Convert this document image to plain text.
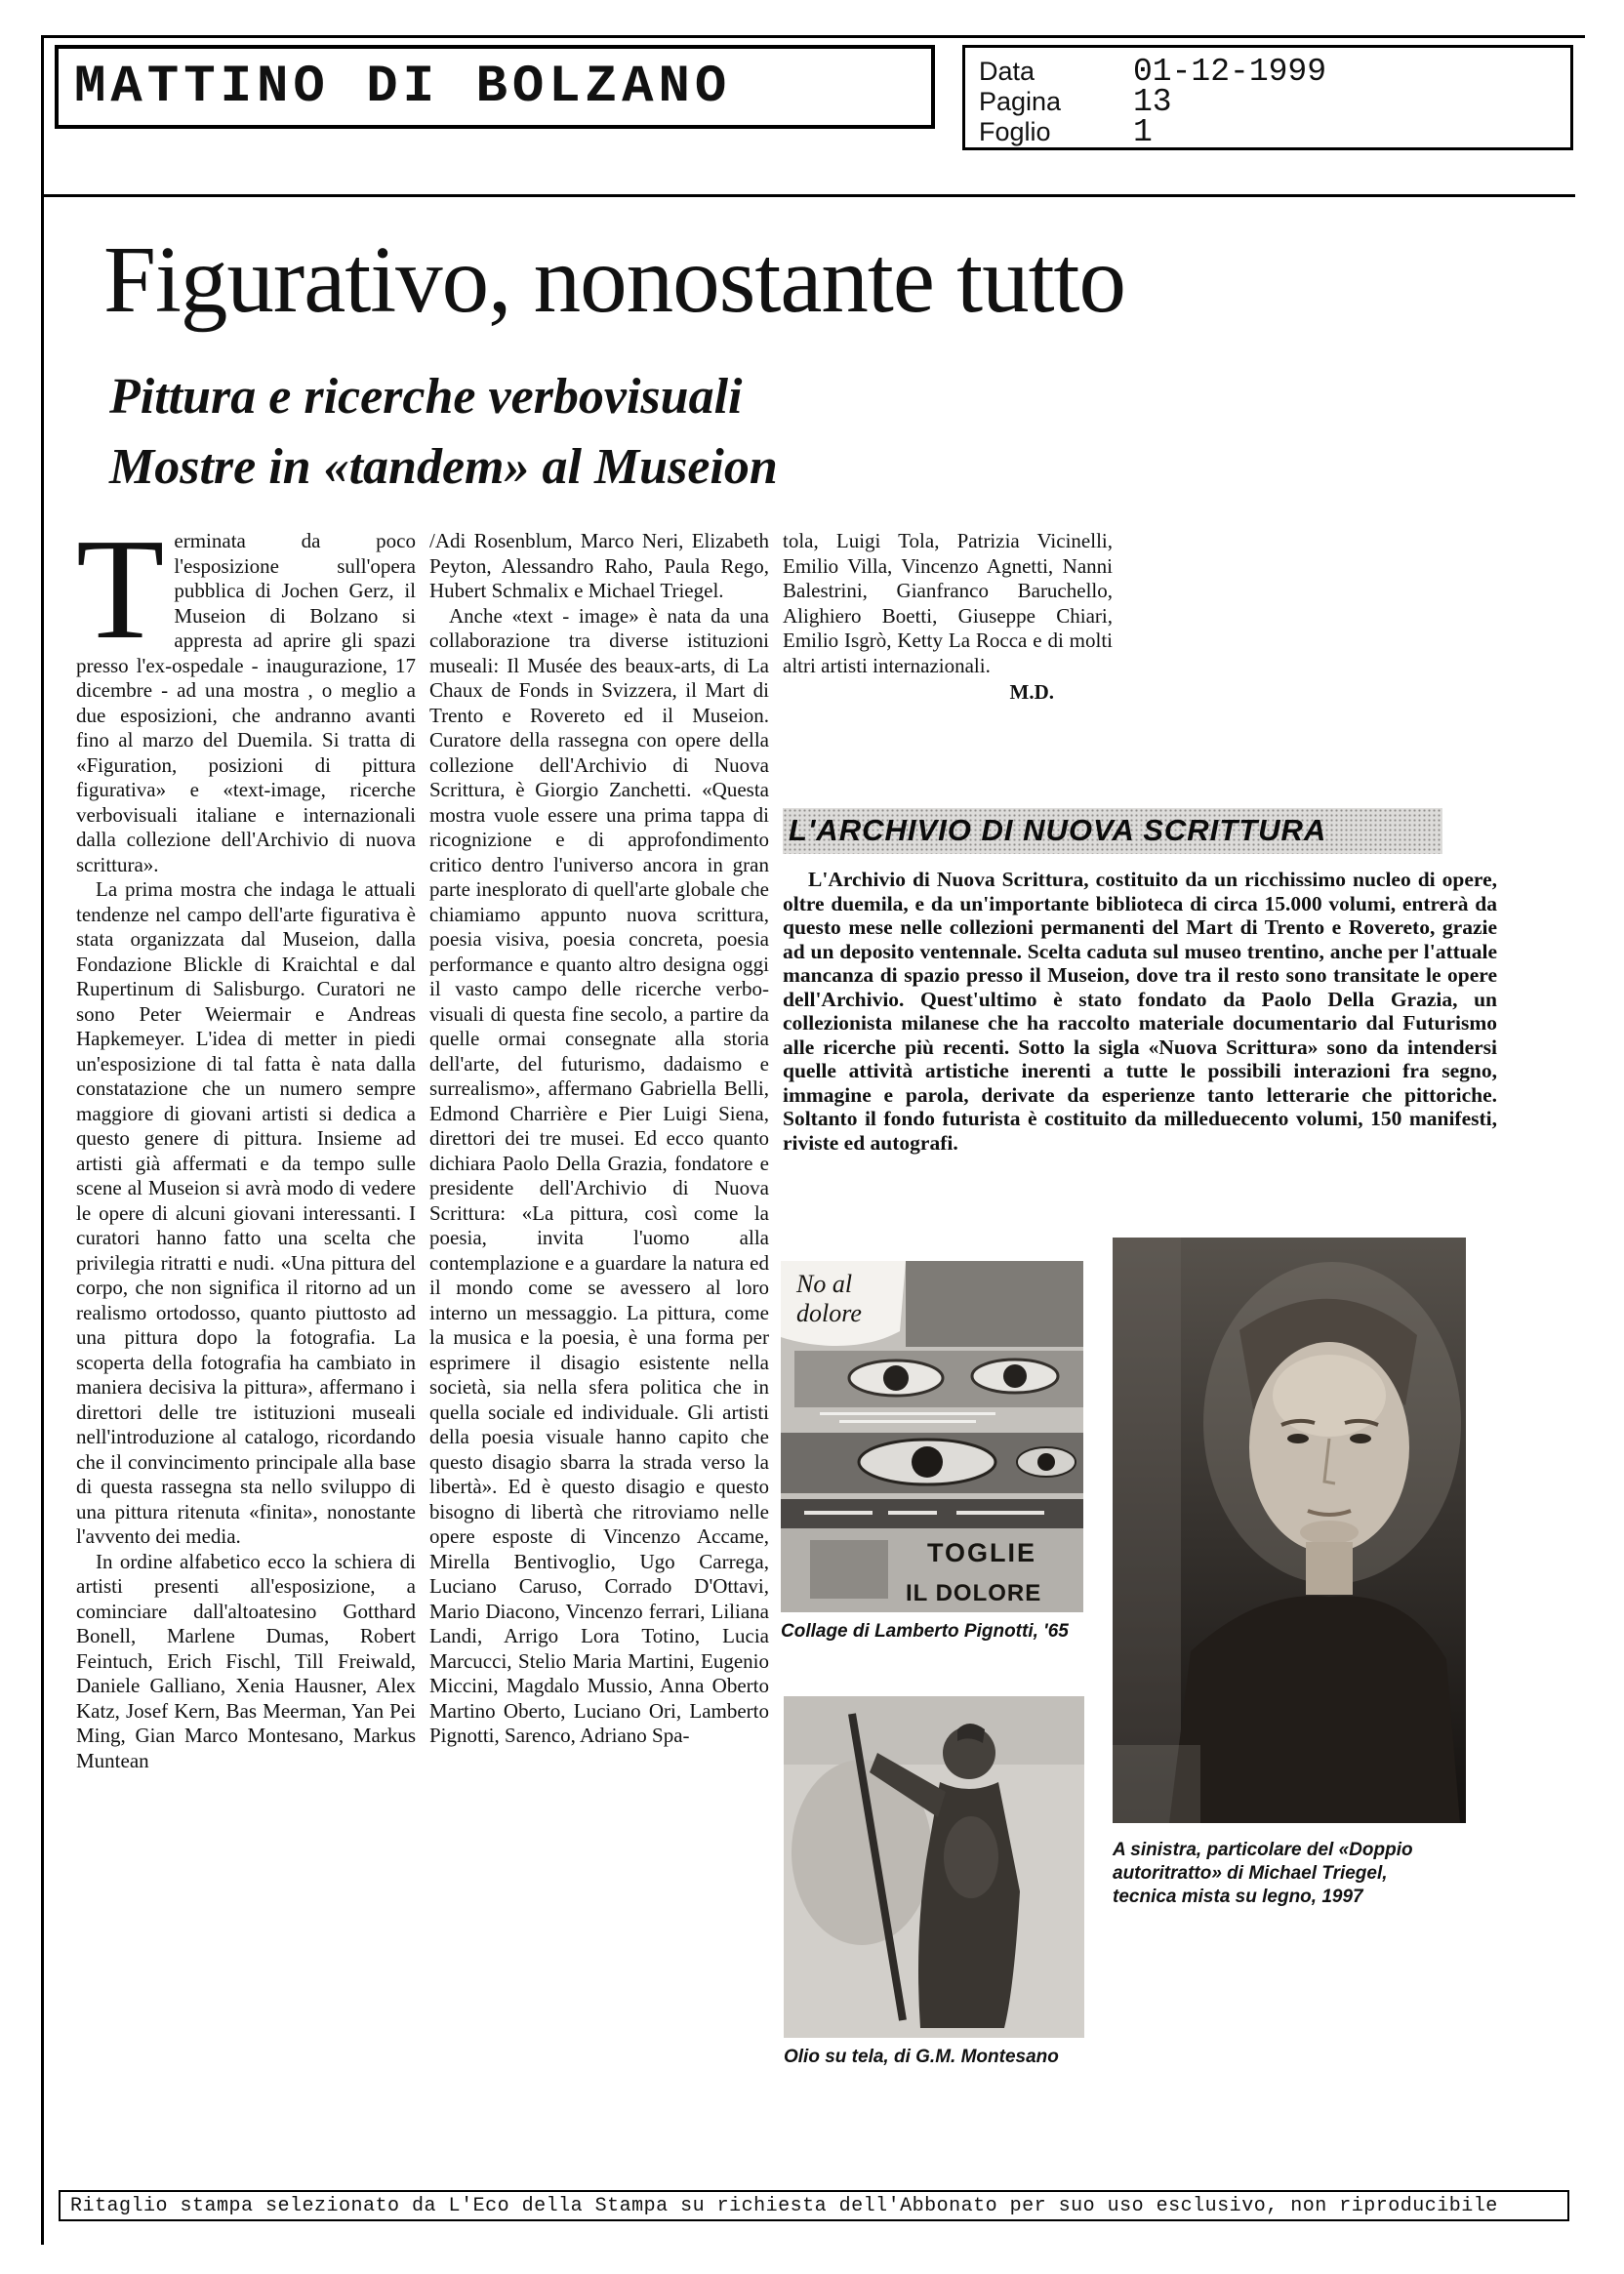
MATTINO DI BOLZANO	Data	01-12-1999
Pagina	13
Foglio	1
Figurativo, nonostante tutto
Pittura e ricerche verbovisuali
Mostre in «tandem» al Museion

Terminata da poco l'esposizione sull'opera pubblica di Jochen Gerz, il Museion di Bolzano si appresta ad aprire gli spazi presso l'ex-ospedale - inaugurazione, 17 dicembre - ad una mostra , o meglio a due esposizioni, che andranno avanti fino al marzo del Duemila. Si tratta di «Figuration, posizioni di pittura figurativa» e «text-image, ricerche verbovisuali italiane e internazionali dalla collezione dell'Archivio di nuova scrittura».

La prima mostra che indaga le attuali tendenze nel campo dell'arte figurativa è stata organizzata dal Museion, dalla Fondazione Blickle di Kraichtal e dal Rupertinum di Salisburgo. Curatori ne sono Peter Weiermair e Andreas Hapkemeyer. L'idea di metter in piedi un'esposizione di tal fatta è nata dalla constatazione che un numero sempre maggiore di giovani artisti si dedica a questo genere di pittura. Insieme ad artisti già affermati e da tempo sulle scene al Museion si avrà modo di vedere le opere di alcuni giovani interessanti. I curatori hanno fatto una scelta che privilegia ritratti e nudi. «Una pittura del corpo, che non significa il ritorno ad un realismo ortodosso, quanto piuttosto ad una pittura dopo la fotografia. La scoperta della fotografia ha cambiato in maniera decisiva la pittura», affermano i direttori delle tre istituzioni museali nell'introduzione al catalogo, ricordando che il convincimento principale alla base di questa rassegna sta nello sviluppo di una pittura ritenuta «finita», nonostante l'avvento dei media.

In ordine alfabetico ecco la schiera di artisti presenti all'esposizione, a cominciare dall'altoatesino Gotthard Bonell, Marlene Dumas, Robert Feintuch, Erich Fischl, Till Freiwald, Daniele Galliano, Xenia Hausner, Alex Katz, Josef Kern, Bas Meerman, Yan Pei Ming, Gian Marco Montesano, Markus Muntean

/Adi Rosenblum, Marco Neri, Elizabeth Peyton, Alessandro Raho, Paula Rego, Hubert Schmalix e Michael Triegel.

Anche «text - image» è nata da una collaborazione tra diverse istituzioni museali: Il Musée des beaux-arts, di La Chaux de Fonds in Svizzera, il Mart di Trento e Rovereto ed il Museion. Curatore della rassegna con opere della collezione dell'Archivio di Nuova Scrittura, è Giorgio Zanchetti. «Questa mostra vuole essere una prima tappa di ricognizione e di approfondimento critico dentro l'universo ancora in gran parte inesplorato di quell'arte globale che chiamiamo appunto nuova scrittura, poesia visiva, poesia concreta, poesia performance e quanto altro designa oggi il vasto campo delle ricerche verbo-visuali di questa fine secolo, a partire da quelle ormai consegnate alla storia dell'arte, del futurismo, dadaismo e surrealismo», affermano Gabriella Belli, Edmond Charrière e Pier Luigi Siena, direttori dei tre musei. Ed ecco quanto dichiara Paolo Della Grazia, fondatore e presidente dell'Archivio di Nuova Scrittura: «La pittura, così come la poesia, invita l'uomo alla contemplazione e a guardare la natura ed il mondo come se avessero al loro interno un messaggio. La pittura, come la musica e la poesia, è una forma per esprimere il disagio esistente nella società, sia nella sfera politica che in quella sociale ed individuale. Gli artisti della poesia visuale hanno capito che questo disagio sbarra la strada verso la libertà». Ed è questo disagio e questo bisogno di libertà che ritroviamo nelle opere esposte di Vincenzo Accame, Mirella Bentivoglio, Ugo Carrega, Luciano Caruso, Corrado D'Ottavi, Mario Diacono, Vincenzo ferrari, Liliana Landi, Arrigo Lora Totino, Lucia Marcucci, Stelio Maria Martini, Eugenio Miccini, Magdalo Mussio, Anna Oberto Martino Oberto, Luciano Ori, Lamberto Pignotti, Sarenco, Adriano Spa-

tola, Luigi Tola, Patrizia Vicinelli, Emilio Villa, Vincenzo Agnetti, Nanni Balestrini, Gianfranco Baruchello, Alighiero Boetti, Giuseppe Chiari, Emilio Isgrò, Ketty La Rocca e di molti altri artisti internazionali.

M.D.

L'ARCHIVIO DI NUOVA SCRITTURA

L'Archivio di Nuova Scrittura, costituito da un ricchissimo nucleo di opere, oltre duemila, e da un'importante biblioteca di circa 15.000 volumi, entrerà da questo mese nelle collezioni permanenti del Mart di Trento e Rovereto, grazie ad un deposito ventennale. Scelta caduta sul museo trentino, anche per l'attuale mancanza di spazio presso il Museion, dove tra il resto sono transitate le opere dell'Archivio. Quest'ultimo è stato fondato da Paolo Della Grazia, un collezionista milanese che ha raccolto materiale documentario dal Futurismo alle ricerche più recenti. Sotto la sigla «Nuova Scrittura» sono da intendersi quelle attività artistiche inerenti a tutte le possibili interazioni fra segno, immagine e parola, derivate da esperienze tanto letterarie che pittoriche. Soltanto il fondo futurista è costituito da milleduecento volumi, 150 manifesti, riviste ed autografi.

No al
dolore
TOGLIE
IL DOLORE
Collage di Lamberto Pignotti, '65
A sinistra, particolare del «Doppio autoritratto» di Michael Triegel, tecnica mista su legno, 1997
Olio su tela, di G.M. Montesano
Ritaglio stampa selezionato da L'Eco della Stampa su richiesta dell'Abbonato per suo uso esclusivo, non riproducibile
